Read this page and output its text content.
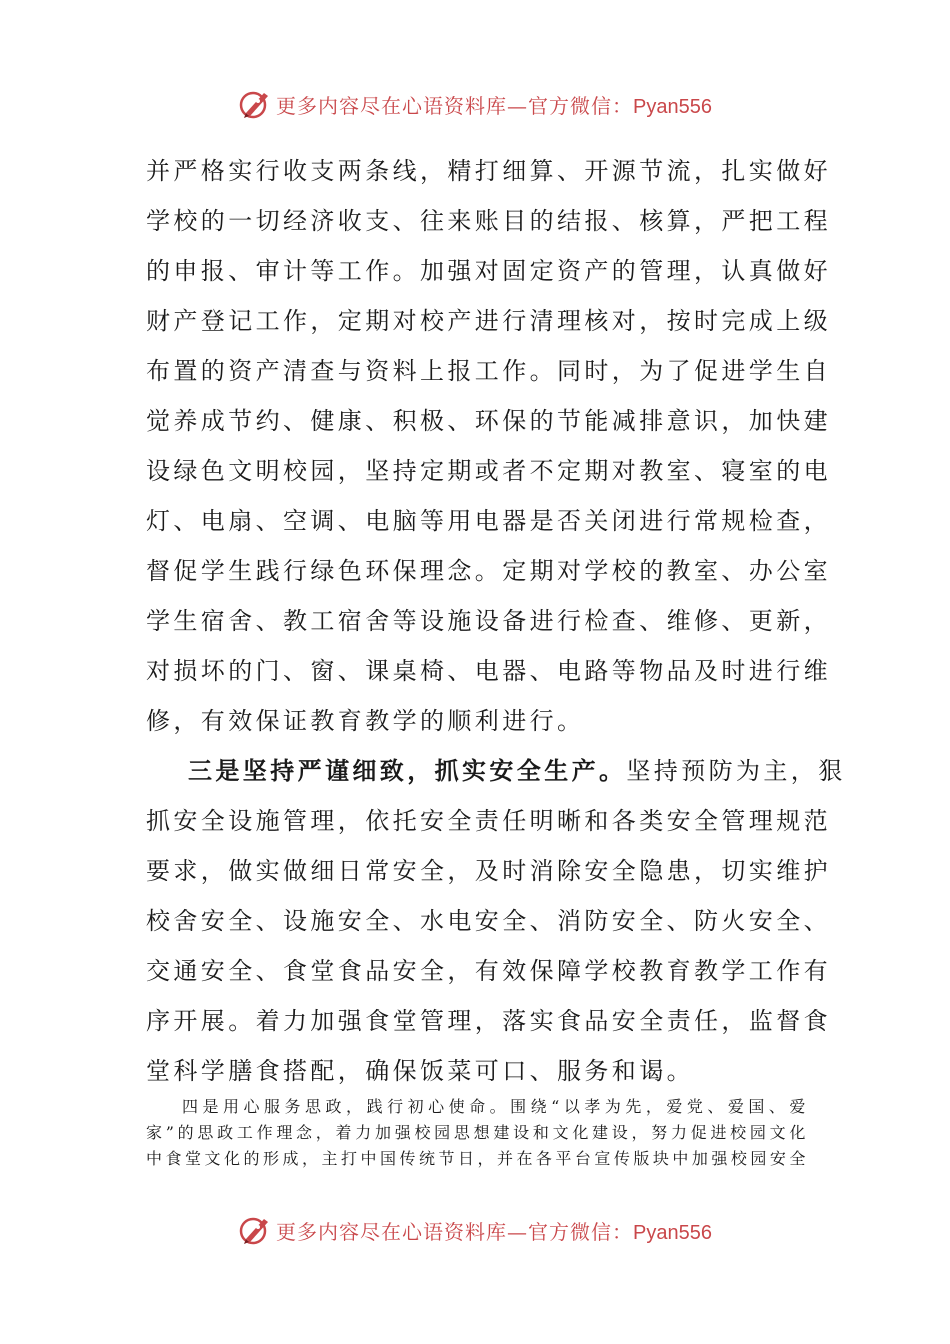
更多内容尽在心语资料库—官方微信：Pyan556
并严格实行收支两条线，精打细算、开源节流，扎实做好
学校的一切经济收支、往来账目的结报、核算，严把工程
的申报、审计等工作。加强对固定资产的管理，认真做好
财产登记工作，定期对校产进行清理核对，按时完成上级
布置的资产清查与资料上报工作。同时，为了促进学生自
觉养成节约、健康、积极、环保的节能减排意识，加快建
设绿色文明校园，坚持定期或者不定期对教室、寝室的电
灯、电扇、空调、电脑等用电器是否关闭进行常规检查，
督促学生践行绿色环保理念。定期对学校的教室、办公室
学生宿舍、教工宿舍等设施设备进行检查、维修、更新，
对损坏的门、窗、课桌椅、电器、电路等物品及时进行维
修，有效保证教育教学的顺利进行。
三是坚持严谨细致，抓实安全生产。坚持预防为主，狠
抓安全设施管理，依托安全责任明晰和各类安全管理规范
要求，做实做细日常安全，及时消除安全隐患，切实维护
校舍安全、设施安全、水电安全、消防安全、防火安全、
交通安全、食堂食品安全，有效保障学校教育教学工作有
序开展。着力加强食堂管理，落实食品安全责任，监督食
堂科学膳食搭配，确保饭菜可口、服务和谒。
四是用心服务思政，践行初心使命。围绕“以孝为先，爱党、爱国、爱
家”的思政工作理念，着力加强校园思想建设和文化建设，努力促进校园文化
中食堂文化的形成，主打中国传统节日，并在各平台宣传版块中加强校园安全
更多内容尽在心语资料库—官方微信：Pyan556
